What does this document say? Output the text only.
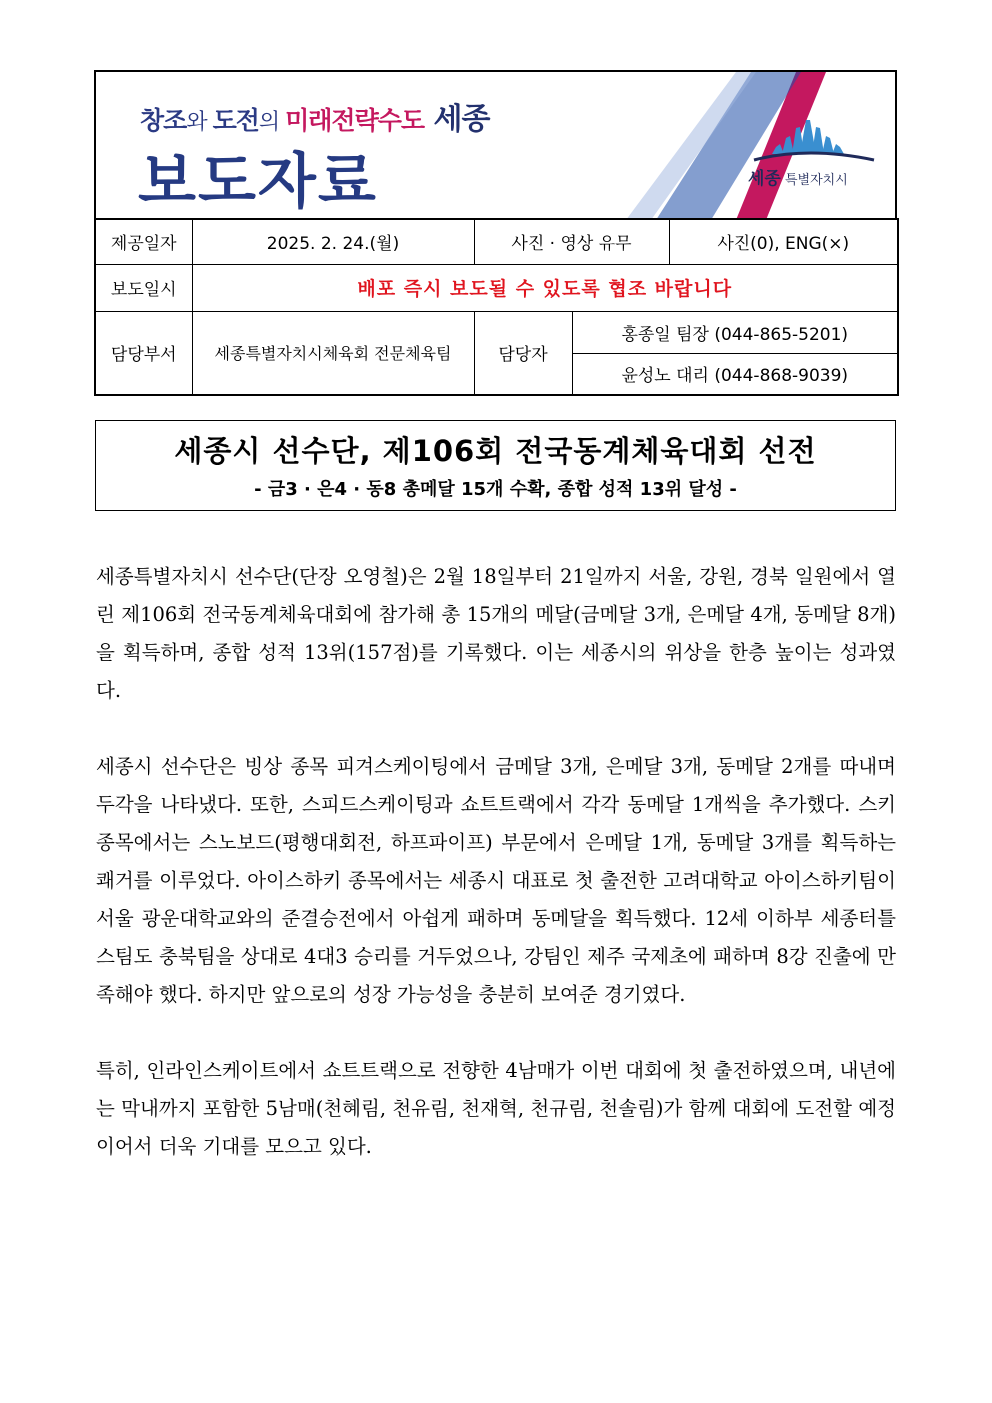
창조와 도전의 미래전략수도 세종
보도자료	세종 특별자치시
제공일자	2025. 2. 24.(월)	사진 · 영상 유무		사진(0), ENG(×)
보도일시	배포 즉시 보도될 수 있도록 협조 바랍니다			
담당부서	세종특별자치시체육회 전문체육팀	담당자	홍종일 팀장 (044-865-5201)	
			윤성노 대리 (044-868-9039)	
세종시 선수단, 제106회 전국동계체육대회 선전
- 금3 · 은4 · 동8 총메달 15개 수확, 종합 성적 13위 달성 -

세종특별자치시 선수단(단장 오영철)은 2월 18일부터 21일까지 서울, 강원, 경북 일원에서 열린 제106회 전국동계체육대회에 참가해 총 15개의 메달(금메달 3개, 은메달 4개, 동메달 8개)을 획득하며, 종합 성적 13위(157점)를 기록했다. 이는 세종시의 위상을 한층 높이는 성과였다.

세종시 선수단은 빙상 종목 피겨스케이팅에서 금메달 3개, 은메달 3개, 동메달 2개를 따내며 두각을 나타냈다. 또한, 스피드스케이팅과 쇼트트랙에서 각각 동메달 1개씩을 추가했다. 스키 종목에서는 스노보드(평행대회전, 하프파이프) 부문에서 은메달 1개, 동메달 3개를 획득하는 쾌거를 이루었다. 아이스하키 종목에서는 세종시 대표로 첫 출전한 고려대학교 아이스하키팀이 서울 광운대학교와의 준결승전에서 아쉽게 패하며 동메달을 획득했다. 12세 이하부 세종터틀스팀도 충북팀을 상대로 4대3 승리를 거두었으나, 강팀인 제주 국제초에 패하며 8강 진출에 만족해야 했다. 하지만 앞으로의 성장 가능성을 충분히 보여준 경기였다.

특히, 인라인스케이트에서 쇼트트랙으로 전향한 4남매가 이번 대회에 첫 출전하였으며, 내년에는 막내까지 포함한 5남매(천혜림, 천유림, 천재혁, 천규림, 천솔림)가 함께 대회에 도전할 예정이어서 더욱 기대를 모으고 있다.
